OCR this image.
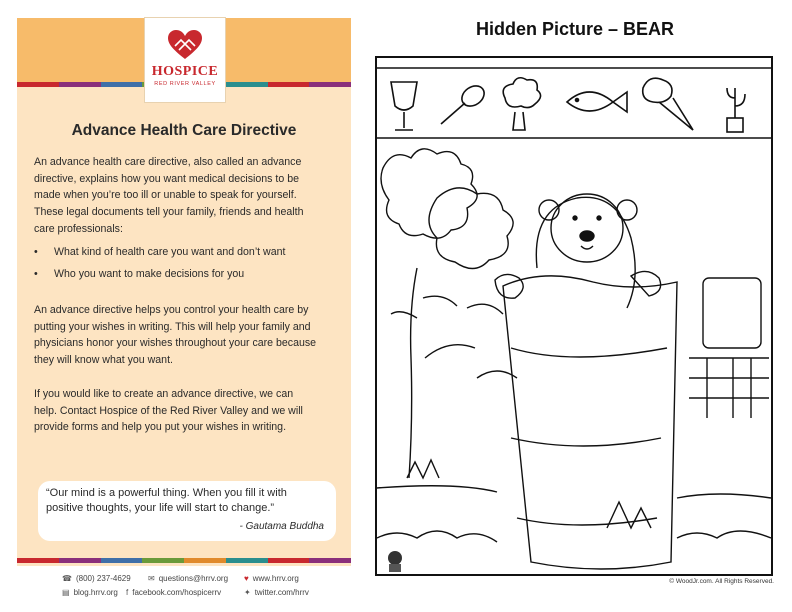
HOSPICE
RED RIVER VALLEY
Advance Health Care Directive
An advance health care directive, also called an advance
directive, explains how you want medical decisions to be
made when you’re too ill or unable to speak for yourself.
These legal documents tell your family, friends and health
care professionals:
• What kind of health care you want and don’t want
• Who you want to make decisions for you
An advance directive helps you control your health care by
putting your wishes in writing. This will help your family and
physicians honor your wishes throughout your care because
they will know what you want.
If you would like to create an advance directive, we can
help. Contact Hospice of the Red River Valley and we will
provide forms and help you put your wishes in writing.
“Our mind is a powerful thing. When you fill it with
positive thoughts, your life will start to change.”
- Gautama Buddha
☎ (800) 237-4629 ✉ questions@hrrv.org ♥ www.hrrv.org
▤ blog.hrrv.org f facebook.com/hospicerrv	✦ twitter.com/hrrv
Hidden Picture – BEAR
© WoodJr.com. All Rights Reserved.
